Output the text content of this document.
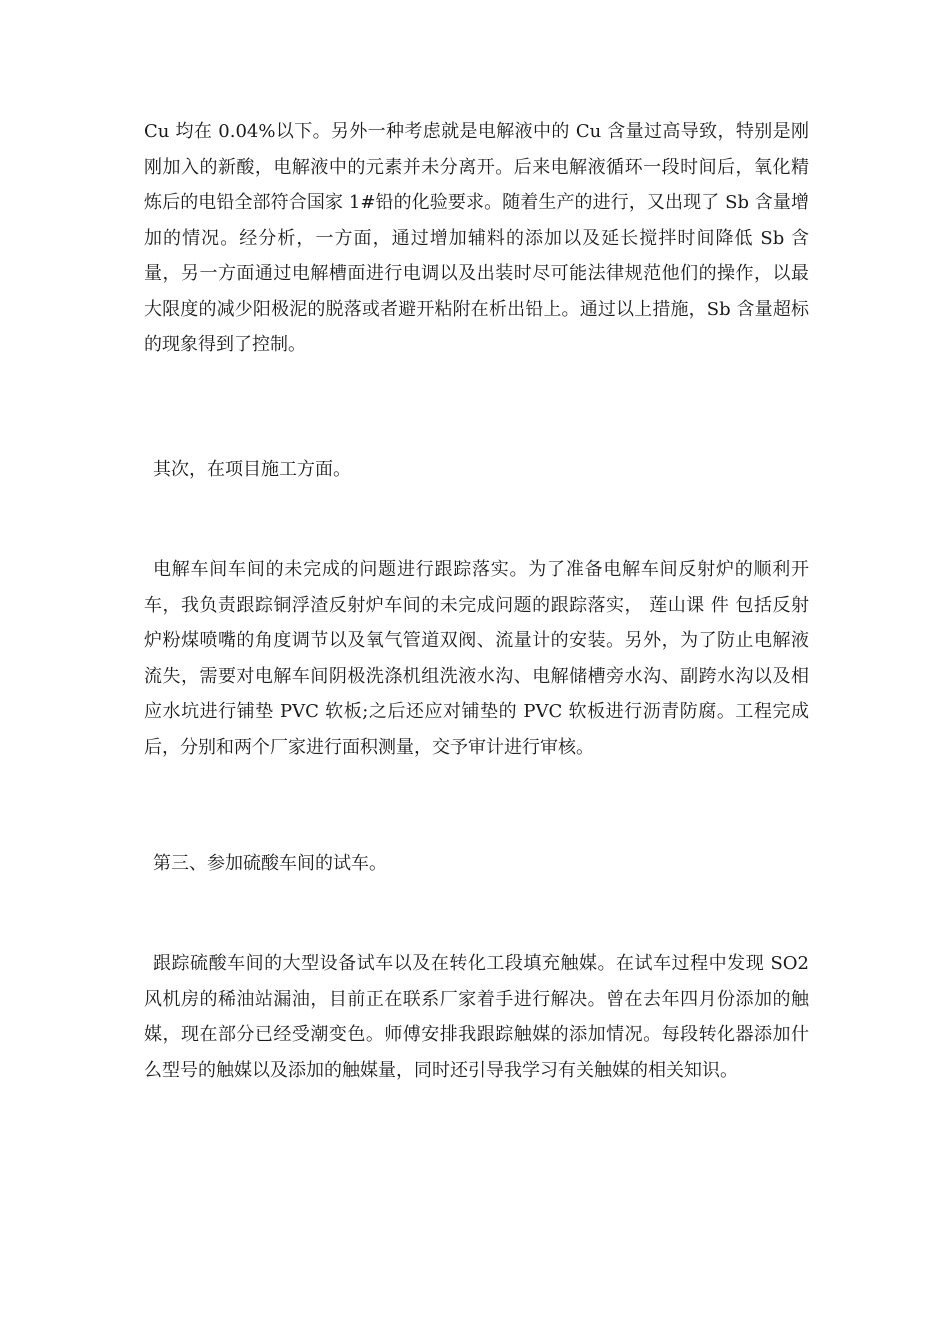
Cu 均在 0.04%以下。另外一种考虑就是电解液中的 Cu 含量过高导致，特别是刚刚加入的新酸，电解液中的元素并未分离开。后来电解液循环一段时间后，氧化精炼后的电铅全部符合国家 1#铅的化验要求。随着生产的进行，又出现了 Sb 含量增加的情况。经分析，一方面，通过增加辅料的添加以及延长搅拌时间降低 Sb 含量，另一方面通过电解槽面进行电调以及出装时尽可能法律规范他们的操作，以最大限度的减少阳极泥的脱落或者避开粘附在析出铅上。通过以上措施，Sb 含量超标的现象得到了控制。

其次，在项目施工方面。

电解车间车间的未完成的问题进行跟踪落实。为了准备电解车间反射炉的顺利开车，我负责跟踪铜浮渣反射炉车间的未完成问题的跟踪落实， 莲山课 件 包括反射炉粉煤喷嘴的角度调节以及氧气管道双阀、流量计的安装。另外，为了防止电解液流失，需要对电解车间阴极洗涤机组洗液水沟、电解储槽旁水沟、副跨水沟以及相应水坑进行铺垫 PVC 软板;之后还应对铺垫的 PVC 软板进行沥青防腐。工程完成后，分别和两个厂家进行面积测量，交予审计进行审核。

第三、参加硫酸车间的试车。

跟踪硫酸车间的大型设备试车以及在转化工段填充触媒。在试车过程中发现 SO2 风机房的稀油站漏油，目前正在联系厂家着手进行解决。曾在去年四月份添加的触媒，现在部分已经受潮变色。师傅安排我跟踪触媒的添加情况。每段转化器添加什么型号的触媒以及添加的触媒量，同时还引导我学习有关触媒的相关知识。
